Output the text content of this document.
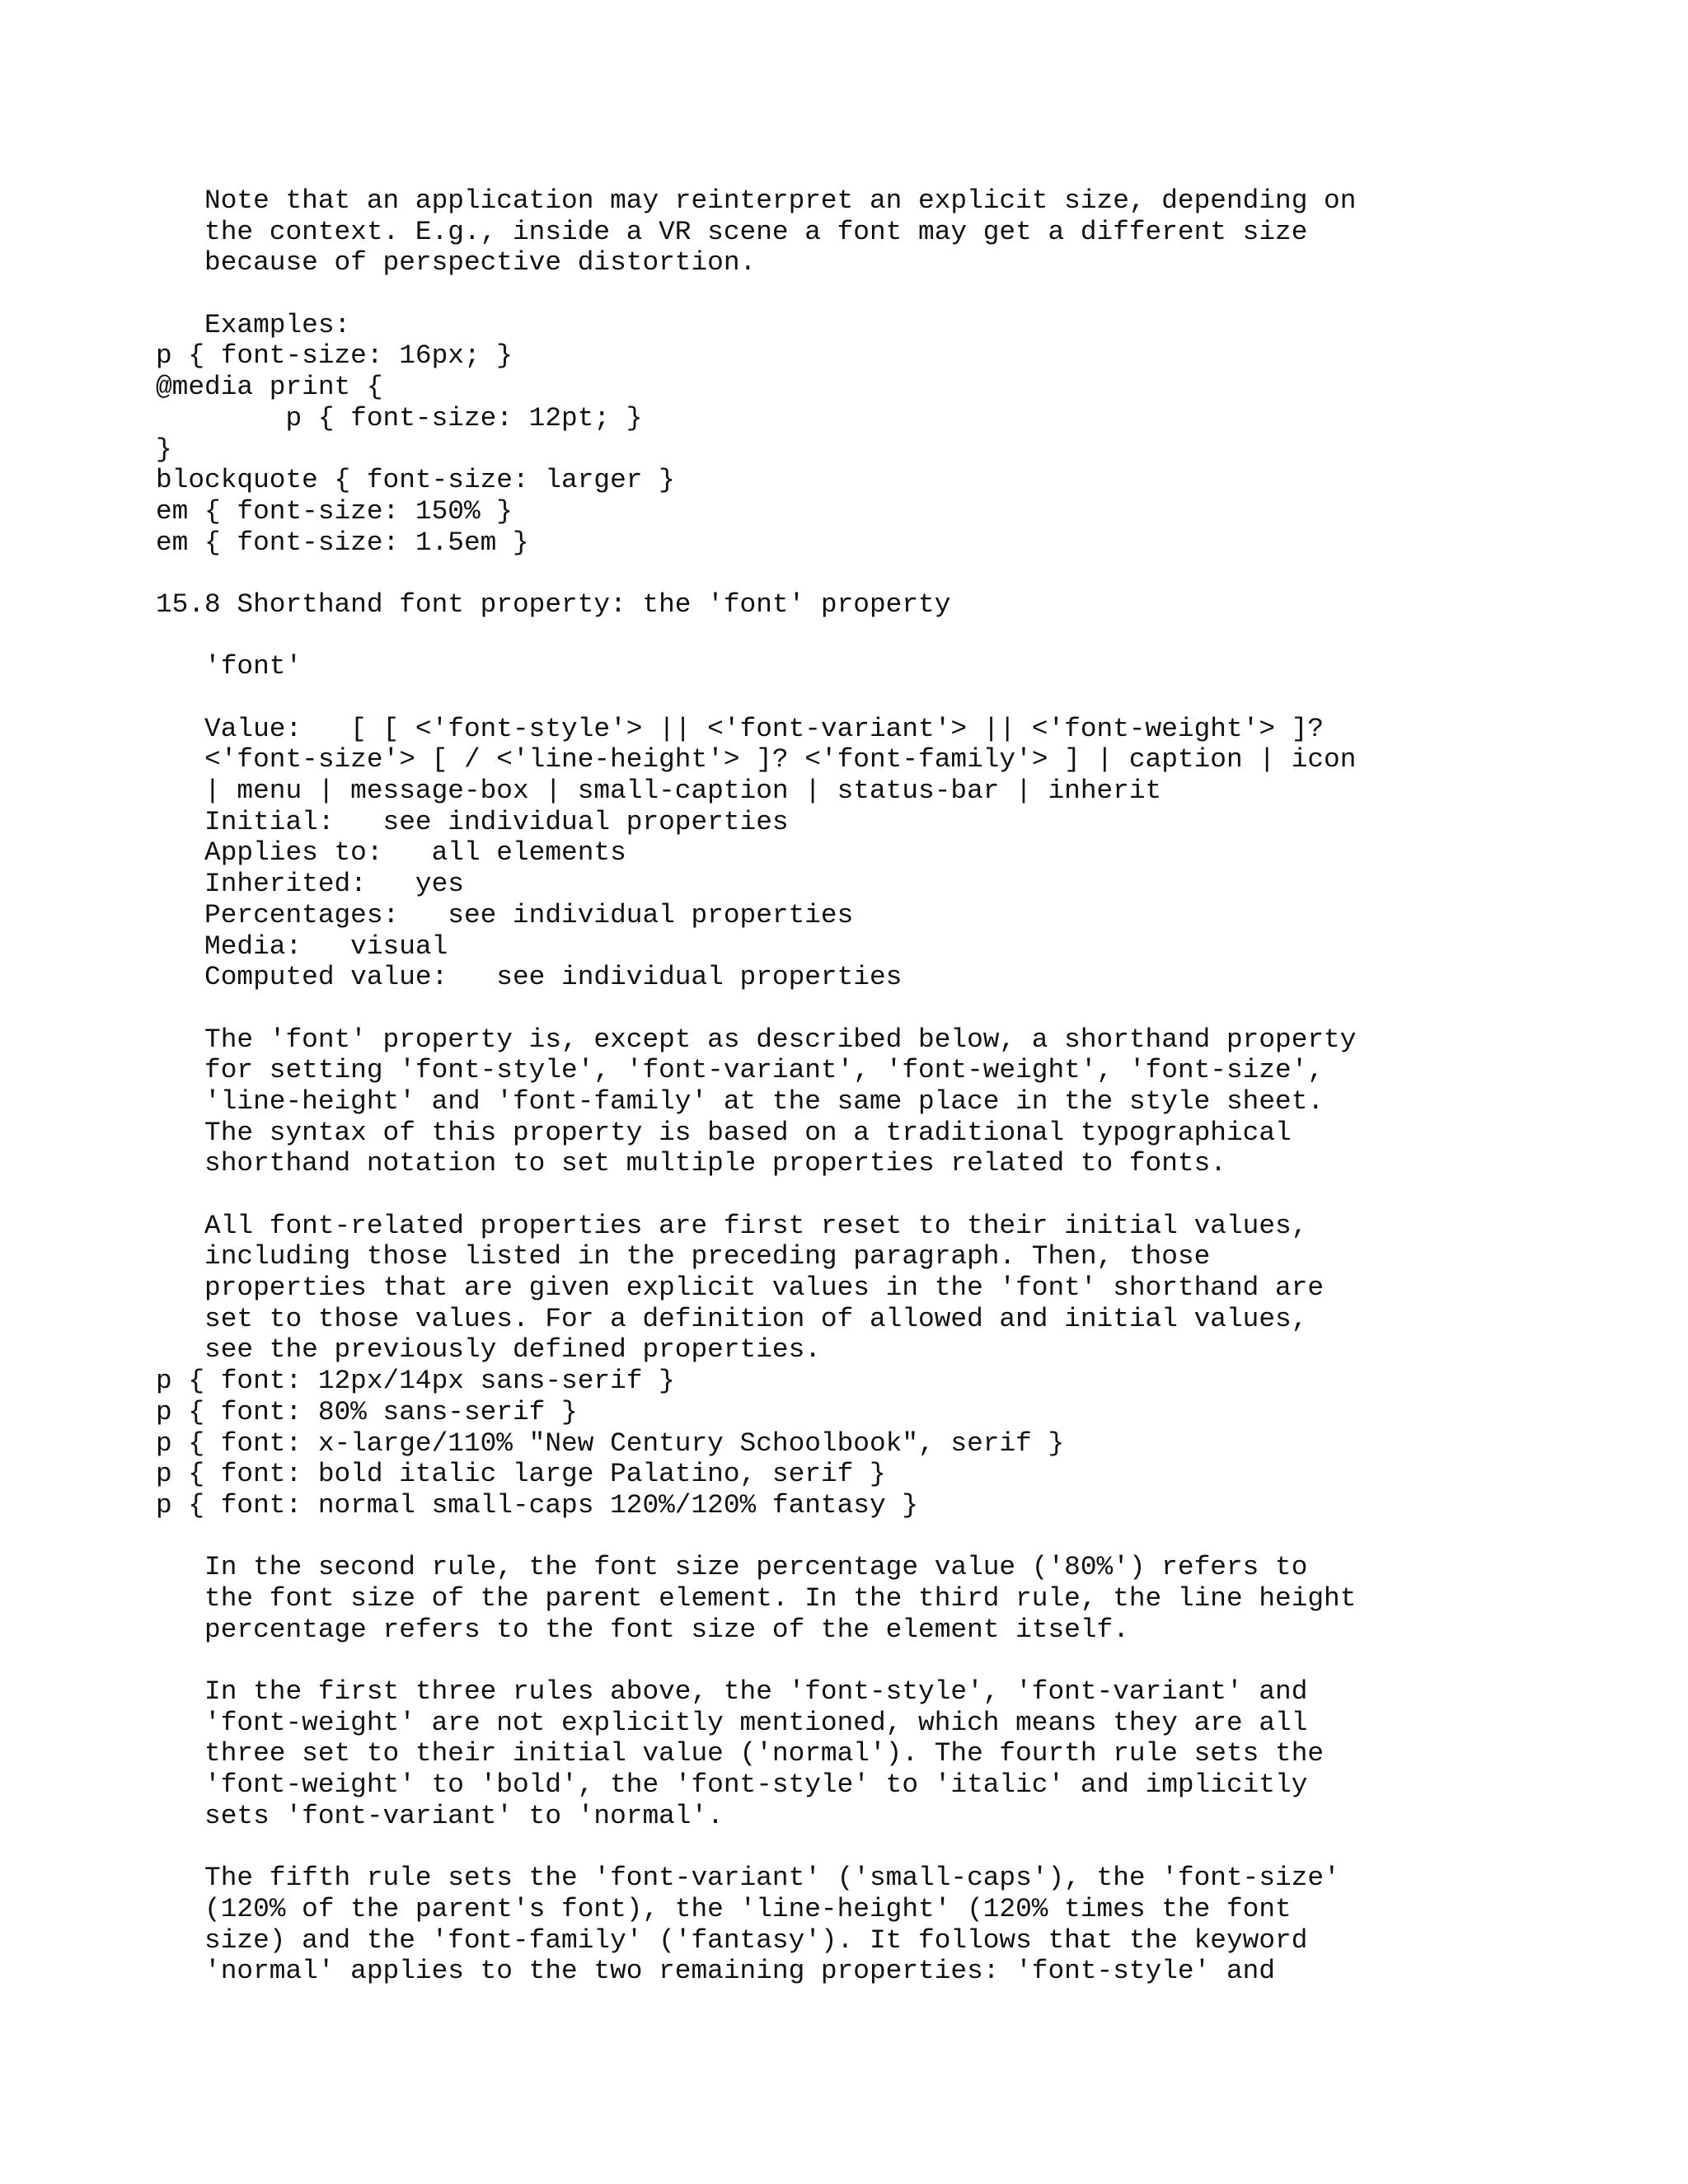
Note that an application may reinterpret an explicit size, depending on
the context. E.g., inside a VR scene a font may get a different size
because of perspective distortion.
Examples:
p { font-size: 16px; }
@media print {
p { font-size: 12pt; }
}
blockquote { font-size: larger }
em { font-size: 150% }
em { font-size: 1.5em }
15.8 Shorthand font property: the 'font' property
'font'
Value:   [ [ <'font-style'> || <'font-variant'> || <'font-weight'> ]?
<'font-size'> [ / <'line-height'> ]? <'font-family'> ] | caption | icon
| menu | message-box | small-caption | status-bar | inherit
Initial:   see individual properties
Applies to:   all elements
Inherited:   yes
Percentages:   see individual properties
Media:   visual
Computed value:   see individual properties
The 'font' property is, except as described below, a shorthand property
for setting 'font-style', 'font-variant', 'font-weight', 'font-size',
'line-height' and 'font-family' at the same place in the style sheet.
The syntax of this property is based on a traditional typographical
shorthand notation to set multiple properties related to fonts.
All font-related properties are first reset to their initial values,
including those listed in the preceding paragraph. Then, those
properties that are given explicit values in the 'font' shorthand are
set to those values. For a definition of allowed and initial values,
see the previously defined properties.
p { font: 12px/14px sans-serif }
p { font: 80% sans-serif }
p { font: x-large/110% "New Century Schoolbook", serif }
p { font: bold italic large Palatino, serif }
p { font: normal small-caps 120%/120% fantasy }
In the second rule, the font size percentage value ('80%') refers to
the font size of the parent element. In the third rule, the line height
percentage refers to the font size of the element itself.
In the first three rules above, the 'font-style', 'font-variant' and
'font-weight' are not explicitly mentioned, which means they are all
three set to their initial value ('normal'). The fourth rule sets the
'font-weight' to 'bold', the 'font-style' to 'italic' and implicitly
sets 'font-variant' to 'normal'.
The fifth rule sets the 'font-variant' ('small-caps'), the 'font-size'
(120% of the parent's font), the 'line-height' (120% times the font
size) and the 'font-family' ('fantasy'). It follows that the keyword
'normal' applies to the two remaining properties: 'font-style' and
